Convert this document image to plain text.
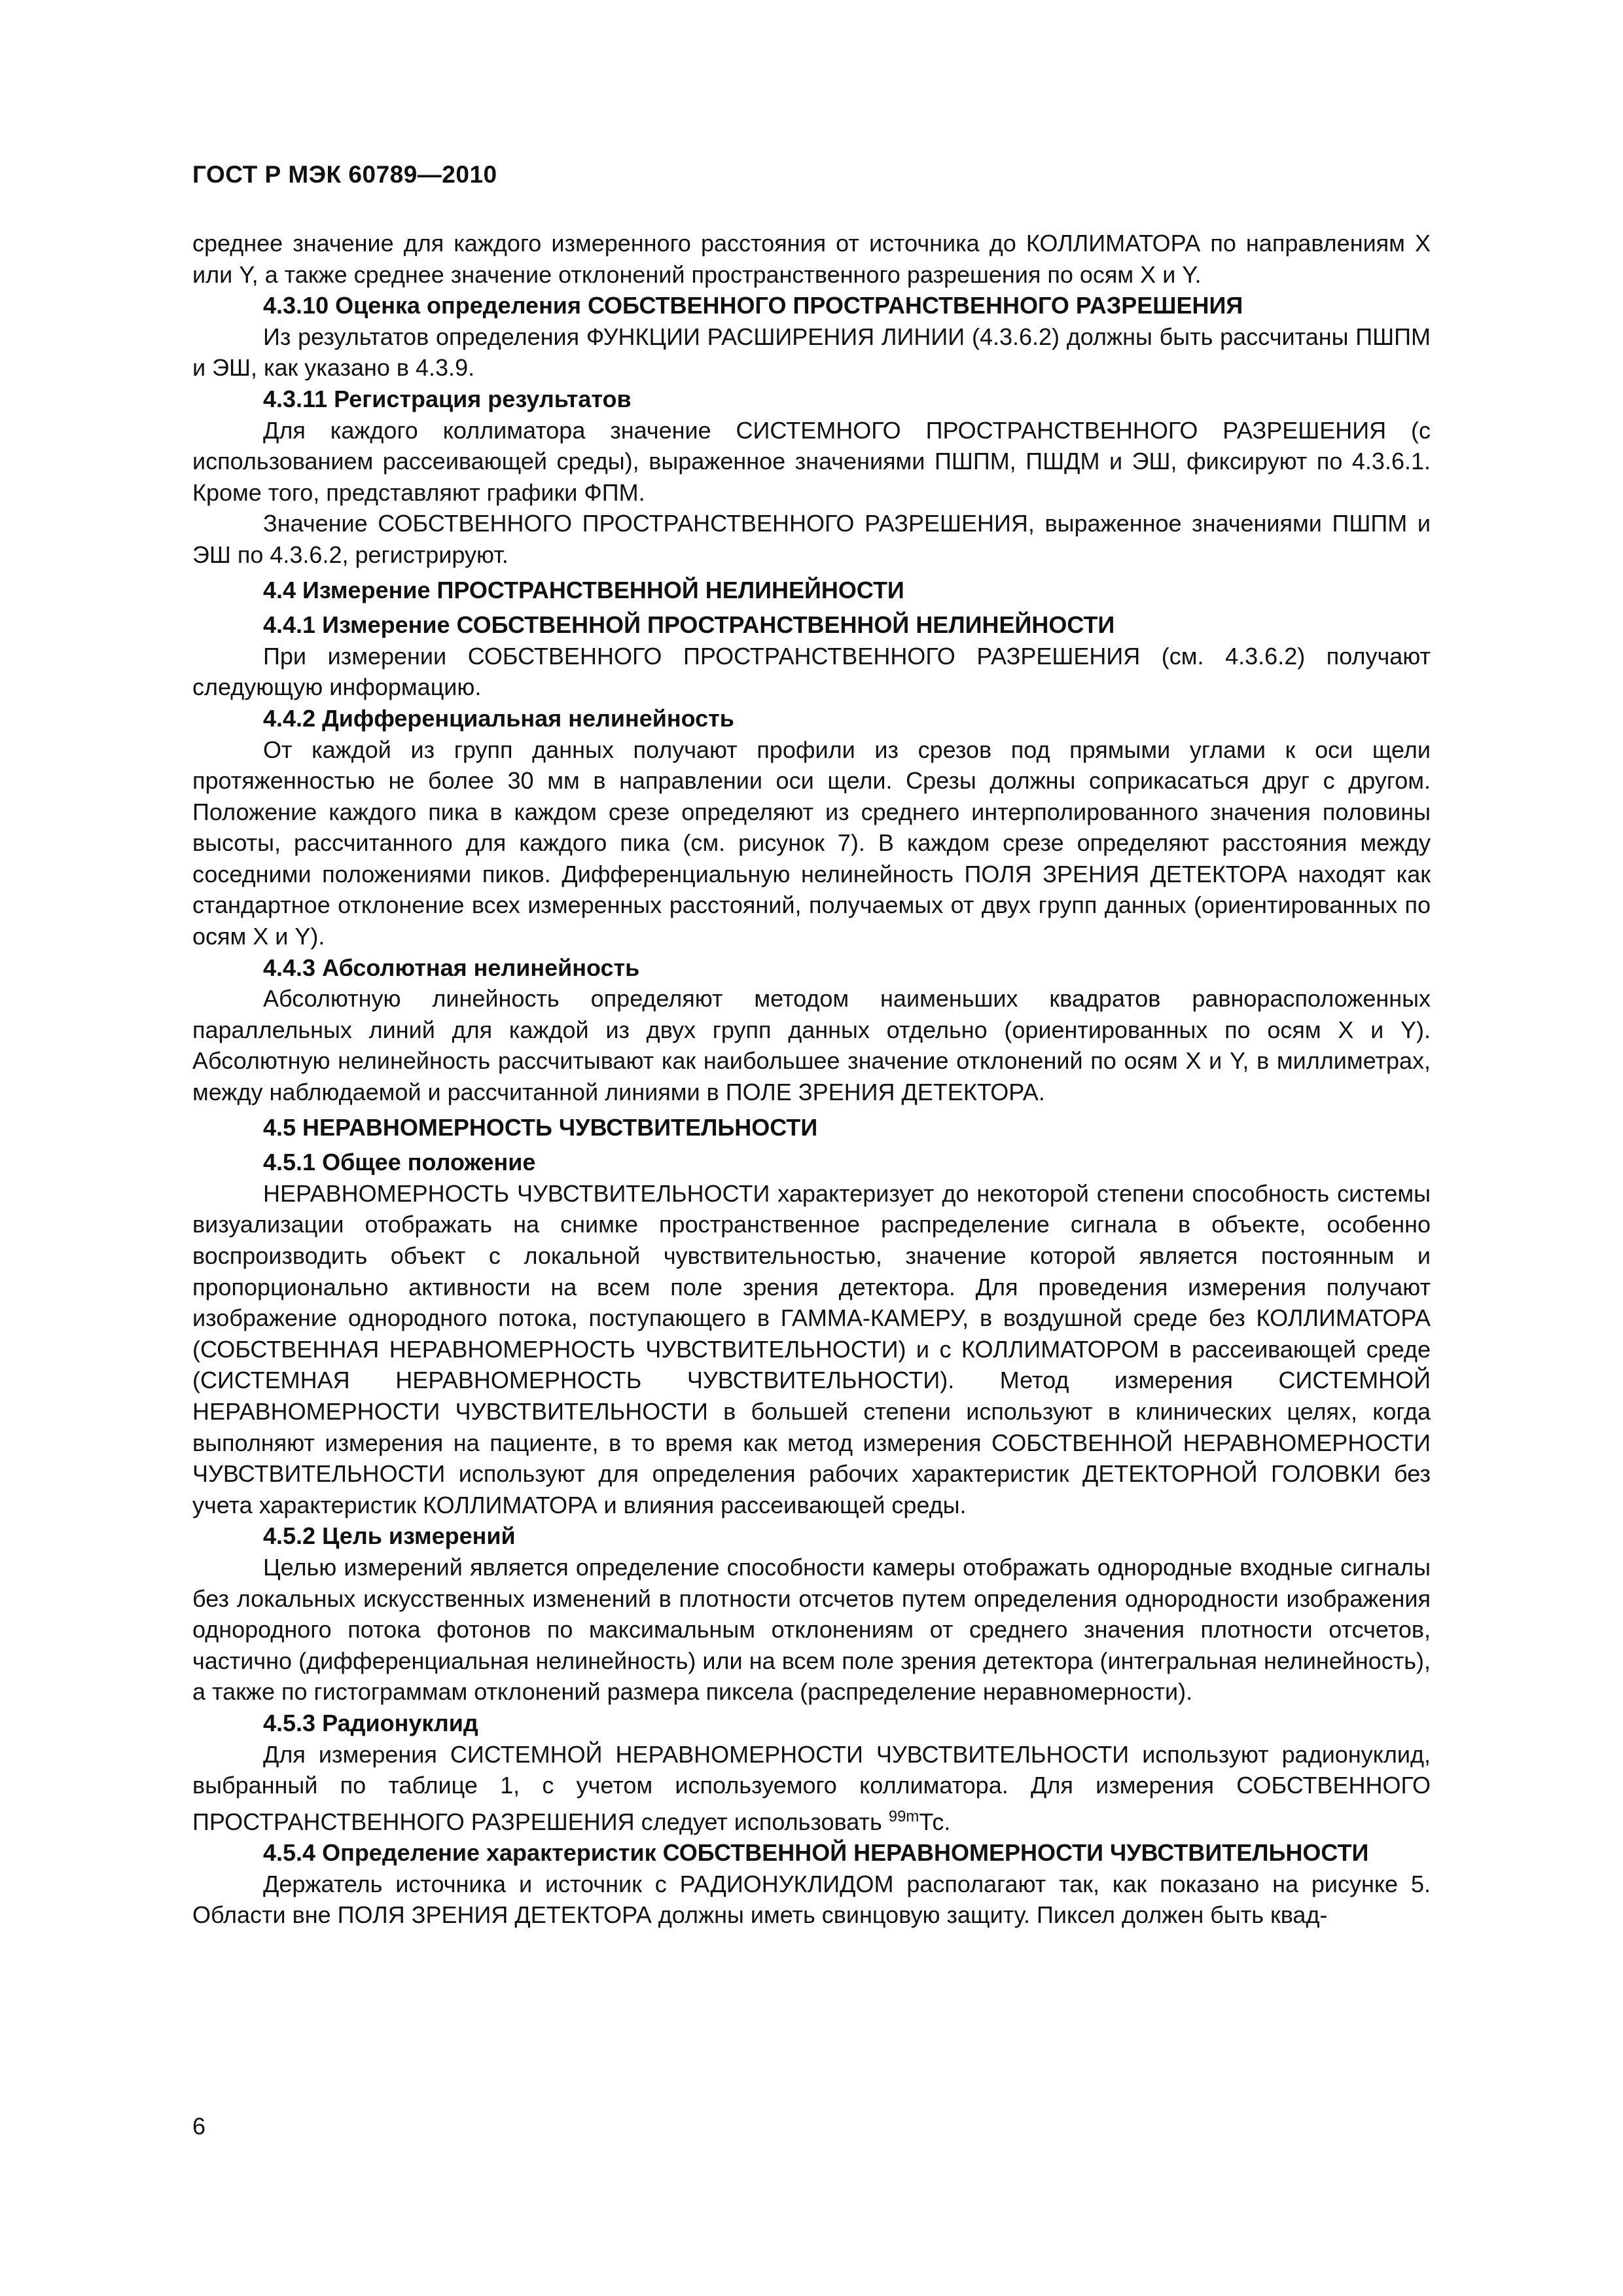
ГОСТ Р МЭК 60789—2010

среднее значение для каждого измеренного расстояния от источника до КОЛЛИМАТОРА по направлениям X или Y, а также среднее значение отклонений пространственного разрешения по осям X и Y.

4.3.10 Оценка определения СОБСТВЕННОГО ПРОСТРАНСТВЕННОГО РАЗРЕШЕНИЯ

Из результатов определения ФУНКЦИИ РАСШИРЕНИЯ ЛИНИИ (4.3.6.2) должны быть рассчитаны ПШПМ и ЭШ, как указано в 4.3.9.

4.3.11 Регистрация результатов

Для каждого коллиматора значение СИСТЕМНОГО ПРОСТРАНСТВЕННОГО РАЗРЕШЕНИЯ (с использованием рассеивающей среды), выраженное значениями ПШПМ, ПШДМ и ЭШ, фиксируют по 4.3.6.1. Кроме того, представляют графики ФПМ.

Значение СОБСТВЕННОГО ПРОСТРАНСТВЕННОГО РАЗРЕШЕНИЯ, выраженное значениями ПШПМ и ЭШ по 4.3.6.2, регистрируют.

4.4 Измерение ПРОСТРАНСТВЕННОЙ НЕЛИНЕЙНОСТИ
4.4.1 Измерение СОБСТВЕННОЙ ПРОСТРАНСТВЕННОЙ НЕЛИНЕЙНОСТИ

При измерении СОБСТВЕННОГО ПРОСТРАНСТВЕННОГО РАЗРЕШЕНИЯ (см. 4.3.6.2) получают следующую информацию.

4.4.2 Дифференциальная нелинейность

От каждой из групп данных получают профили из срезов под прямыми углами к оси щели протяженностью не более 30 мм в направлении оси щели. Срезы должны соприкасаться друг с другом. Положение каждого пика в каждом срезе определяют из среднего интерполированного значения половины высоты, рассчитанного для каждого пика (см. рисунок 7). В каждом срезе определяют расстояния между соседними положениями пиков. Дифференциальную нелинейность ПОЛЯ ЗРЕНИЯ ДЕТЕКТОРА находят как стандартное отклонение всех измеренных расстояний, получаемых от двух групп данных (ориентированных по осям X и Y).

4.4.3 Абсолютная нелинейность

Абсолютную линейность определяют методом наименьших квадратов равнорасположенных параллельных линий для каждой из двух групп данных отдельно (ориентированных по осям X и Y). Абсолютную нелинейность рассчитывают как наибольшее значение отклонений по осям X и Y, в миллиметрах, между наблюдаемой и рассчитанной линиями в ПОЛЕ ЗРЕНИЯ ДЕТЕКТОРА.

4.5 НЕРАВНОМЕРНОСТЬ ЧУВСТВИТЕЛЬНОСТИ
4.5.1 Общее положение

НЕРАВНОМЕРНОСТЬ ЧУВСТВИТЕЛЬНОСТИ характеризует до некоторой степени способность системы визуализации отображать на снимке пространственное распределение сигнала в объекте, особенно воспроизводить объект с локальной чувствительностью, значение которой является постоянным и пропорционально активности на всем поле зрения детектора. Для проведения измерения получают изображение однородного потока, поступающего в ГАММА-КАМЕРУ, в воздушной среде без КОЛЛИМАТОРА (СОБСТВЕННАЯ НЕРАВНОМЕРНОСТЬ ЧУВСТВИТЕЛЬНОСТИ) и с КОЛЛИМАТОРОМ в рассеивающей среде (СИСТЕМНАЯ НЕРАВНОМЕРНОСТЬ ЧУВСТВИТЕЛЬНОСТИ). Метод измерения СИСТЕМНОЙ НЕРАВНОМЕРНОСТИ ЧУВСТВИТЕЛЬНОСТИ в большей степени используют в клинических целях, когда выполняют измерения на пациенте, в то время как метод измерения СОБСТВЕННОЙ НЕРАВНОМЕРНОСТИ ЧУВСТВИТЕЛЬНОСТИ используют для определения рабочих характеристик ДЕТЕКТОРНОЙ ГОЛОВКИ без учета характеристик КОЛЛИМАТОРА и влияния рассеивающей среды.

4.5.2 Цель измерений

Целью измерений является определение способности камеры отображать однородные входные сигналы без локальных искусственных изменений в плотности отсчетов путем определения однородности изображения однородного потока фотонов по максимальным отклонениям от среднего значения плотности отсчетов, частично (дифференциальная нелинейность) или на всем поле зрения детектора (интегральная нелинейность), а также по гистограммам отклонений размера пиксела (распределение неравномерности).

4.5.3 Радионуклид

Для измерения СИСТЕМНОЙ НЕРАВНОМЕРНОСТИ ЧУВСТВИТЕЛЬНОСТИ используют радионуклид, выбранный по таблице 1, с учетом используемого коллиматора. Для измерения СОБСТВЕННОГО ПРОСТРАНСТВЕННОГО РАЗРЕШЕНИЯ следует использовать $^{99m}$Тс.

4.5.4 Определение характеристик СОБСТВЕННОЙ НЕРАВНОМЕРНОСТИ ЧУВСТВИТЕЛЬНОСТИ

Держатель источника и источник с РАДИОНУКЛИДОМ располагают так, как показано на рисунке 5. Области вне ПОЛЯ ЗРЕНИЯ ДЕТЕКТОРА должны иметь свинцовую защиту. Пиксел должен быть квад-

6
